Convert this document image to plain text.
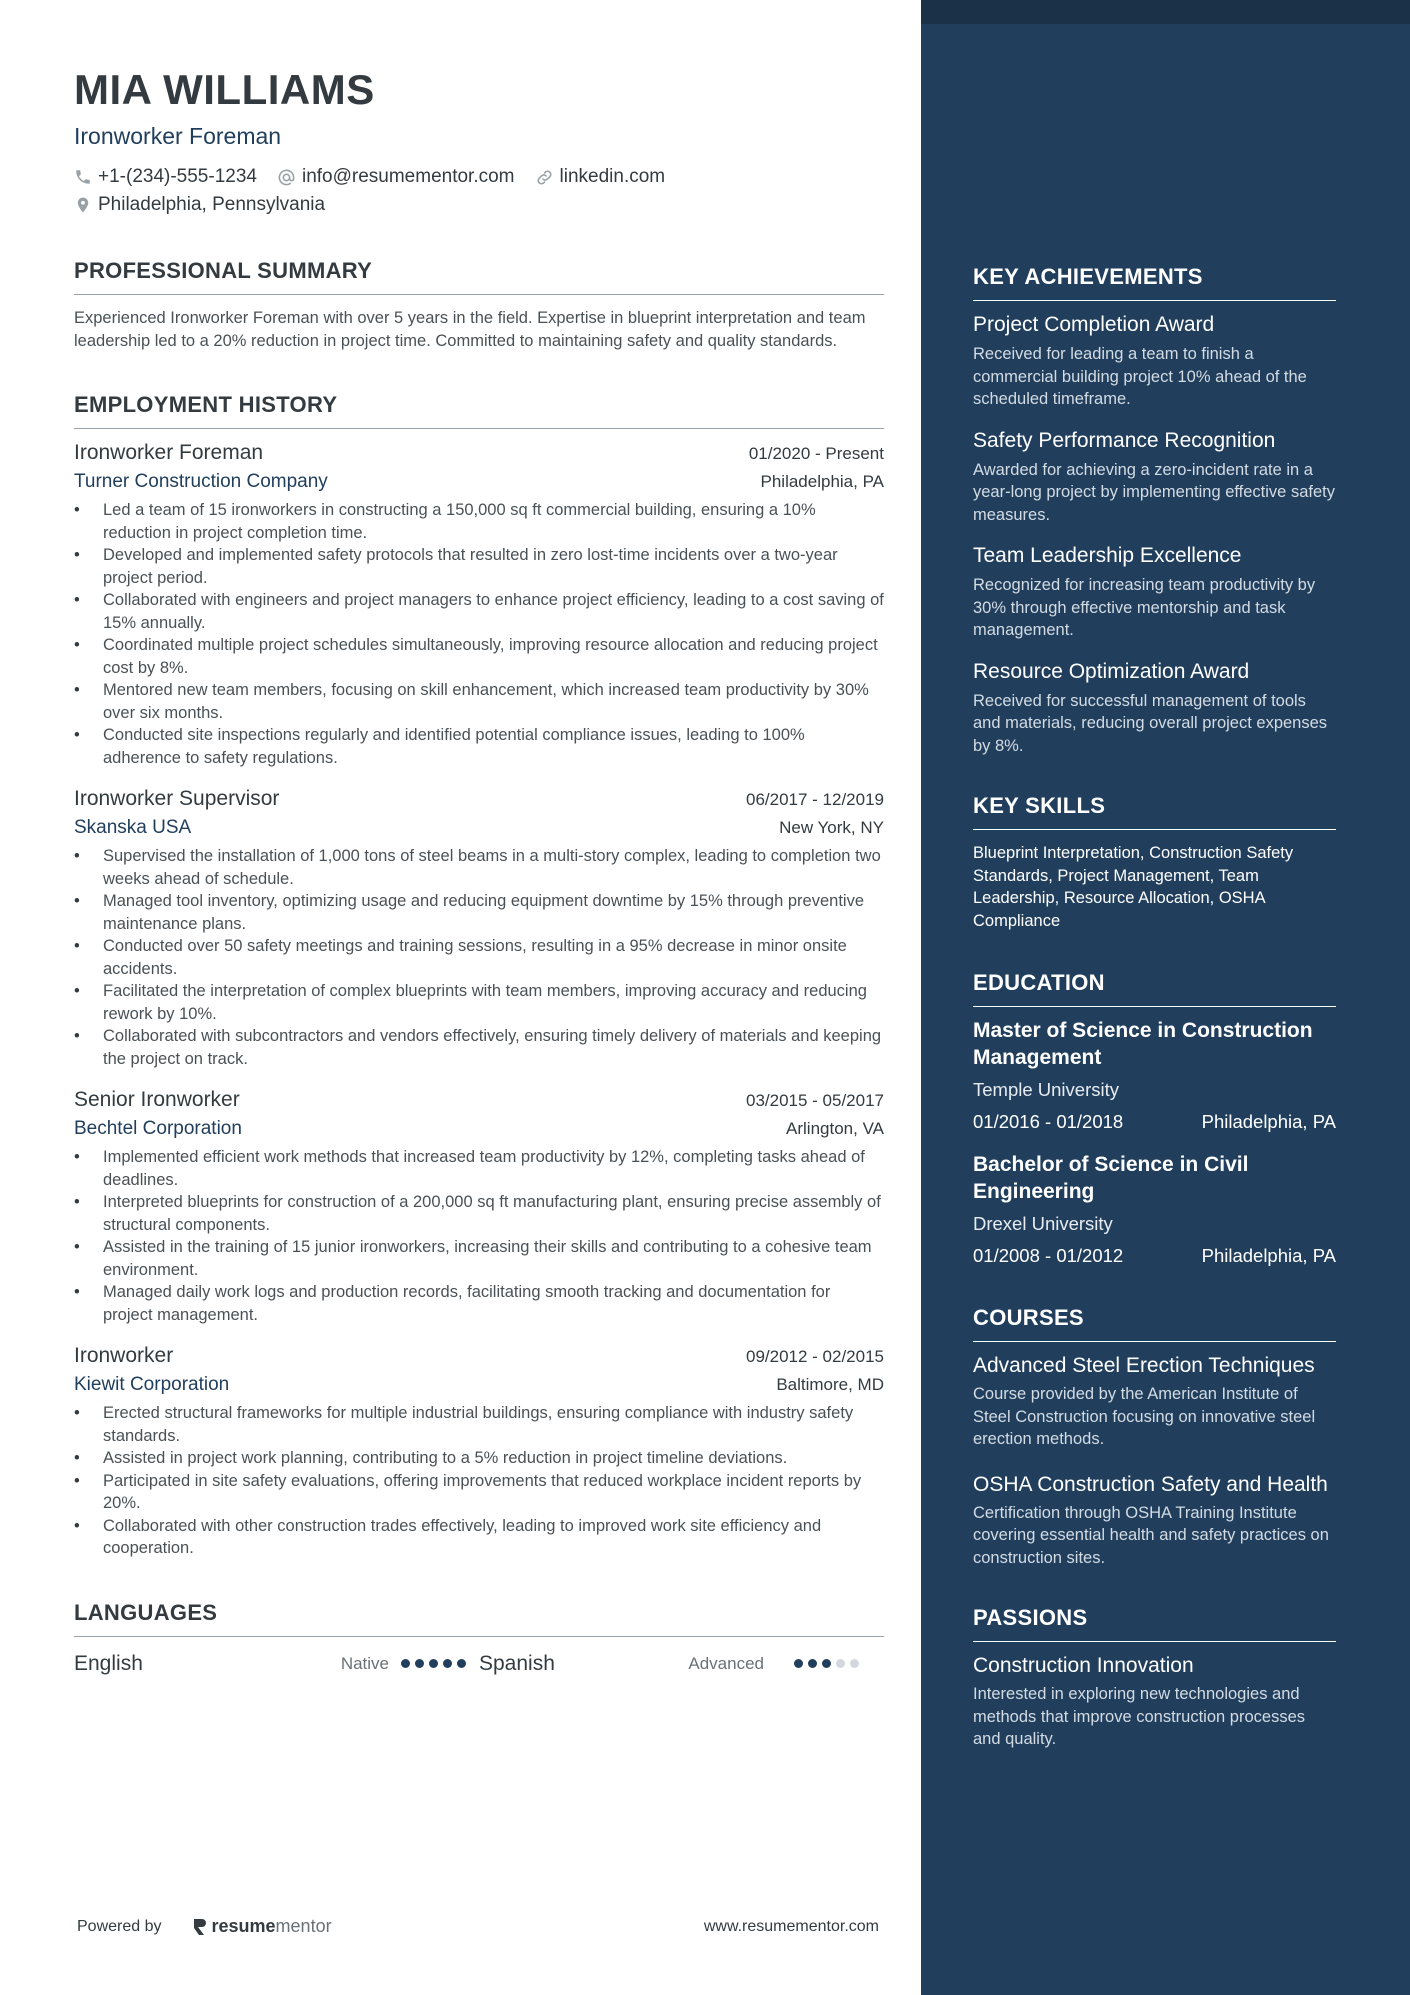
MIA WILLIAMS
Ironworker Foreman
+1-(234)-555-1234 info@resumementor.com linkedin.com
Philadelphia, Pennsylvania
PROFESSIONAL SUMMARY
Experienced Ironworker Foreman with over 5 years in the field. Expertise in blueprint interpretation and team leadership led to a 20% reduction in project time. Committed to maintaining safety and quality standards.
EMPLOYMENT HISTORY
Ironworker Foreman	01/2020 - Present
Turner Construction Company	Philadelphia, PA
• Led a team of 15 ironworkers in constructing a 150,000 sq ft commercial building, ensuring a 10% reduction in project completion time.
• Developed and implemented safety protocols that resulted in zero lost-time incidents over a two-year project period.
• Collaborated with engineers and project managers to enhance project efficiency, leading to a cost saving of 15% annually.
• Coordinated multiple project schedules simultaneously, improving resource allocation and reducing project cost by 8%.
• Mentored new team members, focusing on skill enhancement, which increased team productivity by 30% over six months.
• Conducted site inspections regularly and identified potential compliance issues, leading to 100% adherence to safety regulations.
Ironworker Supervisor	06/2017 - 12/2019
Skanska USA	New York, NY
• Supervised the installation of 1,000 tons of steel beams in a multi-story complex, leading to completion two weeks ahead of schedule.
• Managed tool inventory, optimizing usage and reducing equipment downtime by 15% through preventive maintenance plans.
• Conducted over 50 safety meetings and training sessions, resulting in a 95% decrease in minor onsite accidents.
• Facilitated the interpretation of complex blueprints with team members, improving accuracy and reducing rework by 10%.
• Collaborated with subcontractors and vendors effectively, ensuring timely delivery of materials and keeping the project on track.
Senior Ironworker	03/2015 - 05/2017
Bechtel Corporation	Arlington, VA
• Implemented efficient work methods that increased team productivity by 12%, completing tasks ahead of deadlines.
• Interpreted blueprints for construction of a 200,000 sq ft manufacturing plant, ensuring precise assembly of structural components.
• Assisted in the training of 15 junior ironworkers, increasing their skills and contributing to a cohesive team environment.
• Managed daily work logs and production records, facilitating smooth tracking and documentation for project management.
Ironworker	09/2012 - 02/2015
Kiewit Corporation	Baltimore, MD
• Erected structural frameworks for multiple industrial buildings, ensuring compliance with industry safety standards.
• Assisted in project work planning, contributing to a 5% reduction in project timeline deviations.
• Participated in site safety evaluations, offering improvements that reduced workplace incident reports by 20%.
• Collaborated with other construction trades effectively, leading to improved work site efficiency and cooperation.
LANGUAGES
English	Native	Spanish	Advanced
Powered by	resume mentor	www.resumementor.com
KEY ACHIEVEMENTS
Project Completion Award
Received for leading a team to finish a commercial building project 10% ahead of the scheduled timeframe.
Safety Performance Recognition
Awarded for achieving a zero-incident rate in a year-long project by implementing effective safety measures.
Team Leadership Excellence
Recognized for increasing team productivity by 30% through effective mentorship and task management.
Resource Optimization Award
Received for successful management of tools and materials, reducing overall project expenses by 8%.
KEY SKILLS
Blueprint Interpretation, Construction Safety Standards, Project Management, Team Leadership, Resource Allocation, OSHA Compliance
EDUCATION
Master of Science in Construction Management
Temple University
01/2016 - 01/2018	Philadelphia, PA
Bachelor of Science in Civil Engineering
Drexel University
01/2008 - 01/2012	Philadelphia, PA
COURSES
Advanced Steel Erection Techniques
Course provided by the American Institute of Steel Construction focusing on innovative steel erection methods.
OSHA Construction Safety and Health
Certification through OSHA Training Institute covering essential health and safety practices on construction sites.
PASSIONS
Construction Innovation
Interested in exploring new technologies and methods that improve construction processes and quality.
